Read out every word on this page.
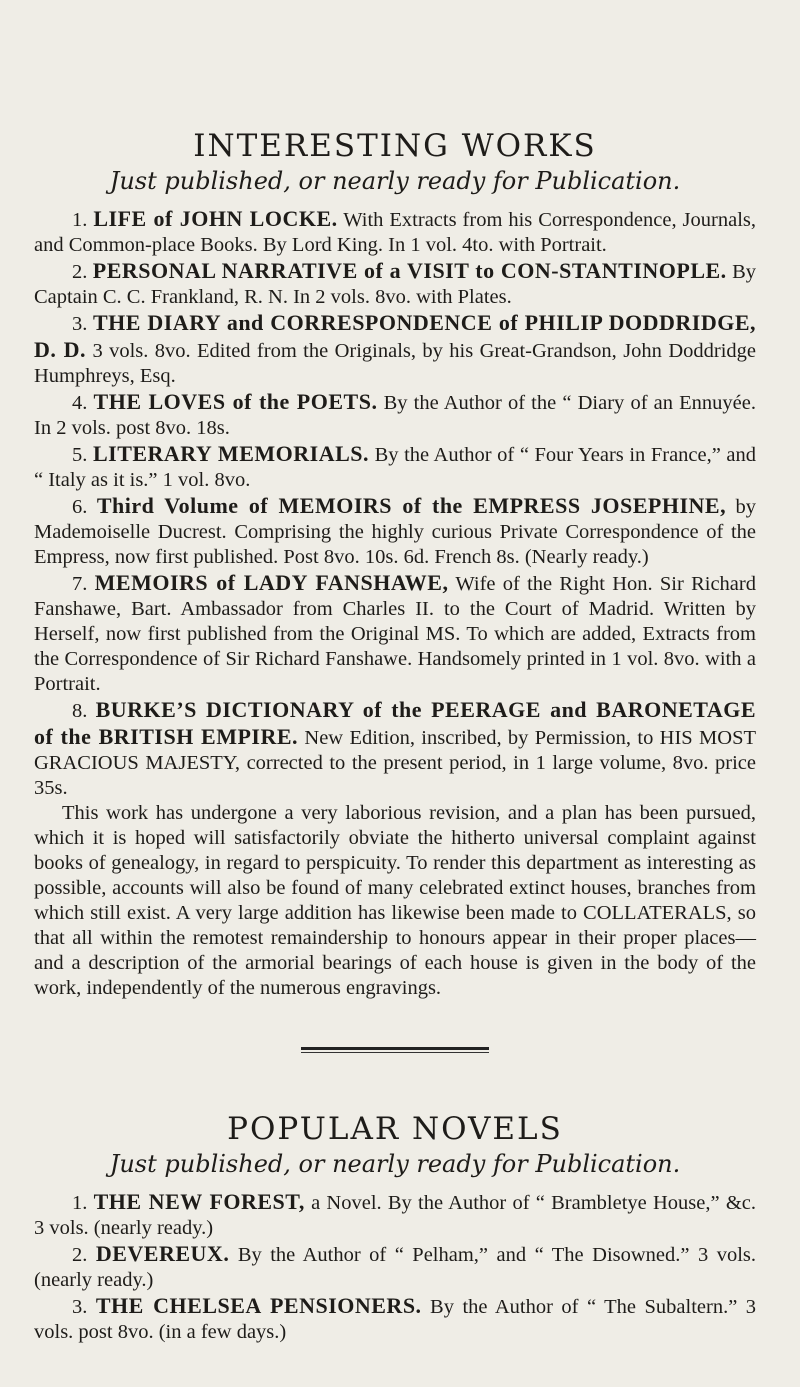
INTERESTING WORKS
Just published, or nearly ready for Publication.

1. LIFE of JOHN LOCKE. With Extracts from his Correspondence, Journals, and Common-place Books. By Lord King. In 1 vol. 4to. with Portrait.

2. PERSONAL NARRATIVE of a VISIT to CON-STANTINOPLE. By Captain C. C. Frankland, R. N. In 2 vols. 8vo. with Plates.

3. THE DIARY and CORRESPONDENCE of PHILIP DODDRIDGE, D. D. 3 vols. 8vo. Edited from the Originals, by his Great-Grandson, John Doddridge Humphreys, Esq.

4. THE LOVES of the POETS. By the Author of the “ Diary of an Ennuyée. In 2 vols. post 8vo. 18s.

5. LITERARY MEMORIALS. By the Author of “ Four Years in France,” and “ Italy as it is.” 1 vol. 8vo.

6. Third Volume of MEMOIRS of the EMPRESS JOSEPHINE, by Mademoiselle Ducrest. Comprising the highly curious Private Correspondence of the Empress, now first published. Post 8vo. 10s. 6d. French 8s. (Nearly ready.)

7. MEMOIRS of LADY FANSHAWE, Wife of the Right Hon. Sir Richard Fanshawe, Bart. Ambassador from Charles II. to the Court of Madrid. Written by Herself, now first published from the Original MS. To which are added, Extracts from the Correspondence of Sir Richard Fanshawe. Handsomely printed in 1 vol. 8vo. with a Portrait.

8. BURKE’S DICTIONARY of the PEERAGE and BARONETAGE of the BRITISH EMPIRE. New Edition, inscribed, by Permission, to HIS MOST GRACIOUS MAJESTY, corrected to the present period, in 1 large volume, 8vo. price 35s.

This work has undergone a very laborious revision, and a plan has been pursued, which it is hoped will satisfactorily obviate the hitherto universal complaint against books of genealogy, in regard to perspicuity. To render this department as interesting as possible, accounts will also be found of many celebrated extinct houses, branches from which still exist. A very large addition has likewise been made to COLLATERALS, so that all within the remotest remaindership to honours appear in their proper places—and a description of the armorial bearings of each house is given in the body of the work, independently of the numerous engravings.

POPULAR NOVELS
Just published, or nearly ready for Publication.

1. THE NEW FOREST, a Novel. By the Author of “ Brambletye House,” &c. 3 vols. (nearly ready.)

2. DEVEREUX. By the Author of “ Pelham,” and “ The Disowned.” 3 vols. (nearly ready.)

3. THE CHELSEA PENSIONERS. By the Author of “ The Subaltern.” 3 vols. post 8vo. (in a few days.)
